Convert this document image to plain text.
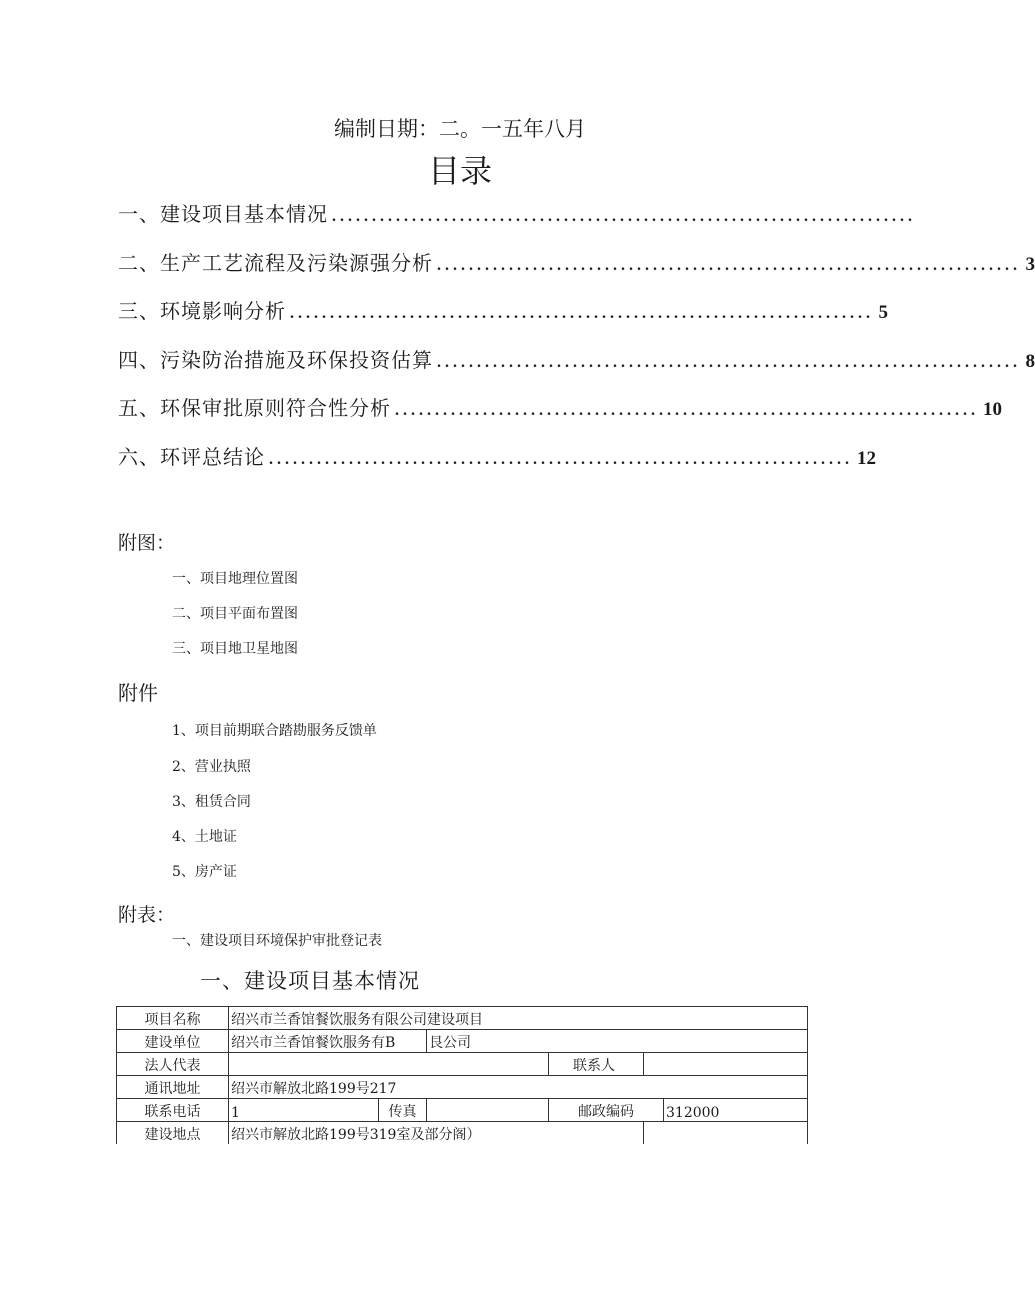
编制日期：二。一五年八月
目录
一、建设项目基本情况 .........................................................................
二、生产工艺流程及污染源强分析 ......................................................................... 3
三、环境影响分析 ......................................................................... 5
四、污染防治措施及环保投资估算 ......................................................................... 8
五、环保审批原则符合性分析 ......................................................................... 10
六、环评总结论 ......................................................................... 12
附图：
一、项目地理位置图
二、项目平面布置图
三、项目地卫星地图
附件
1、项目前期联合踏勘服务反馈单
2、营业执照
3、租赁合同
4、土地证
5、房产证
附表：
一、建设项目环境保护审批登记表
一、建设项目基本情况
项目名称	绍兴市兰香馆餐饮服务有限公司建设项目					
建设单位	绍兴市兰香馆餐饮服务有B		艮公司			
法人代表				联系人		
通讯地址	绍兴市解放北路199号217					
联系电话	1	传真		邮政编码		312000
建设地点	绍兴市解放北路199号319室及部分阁）					
